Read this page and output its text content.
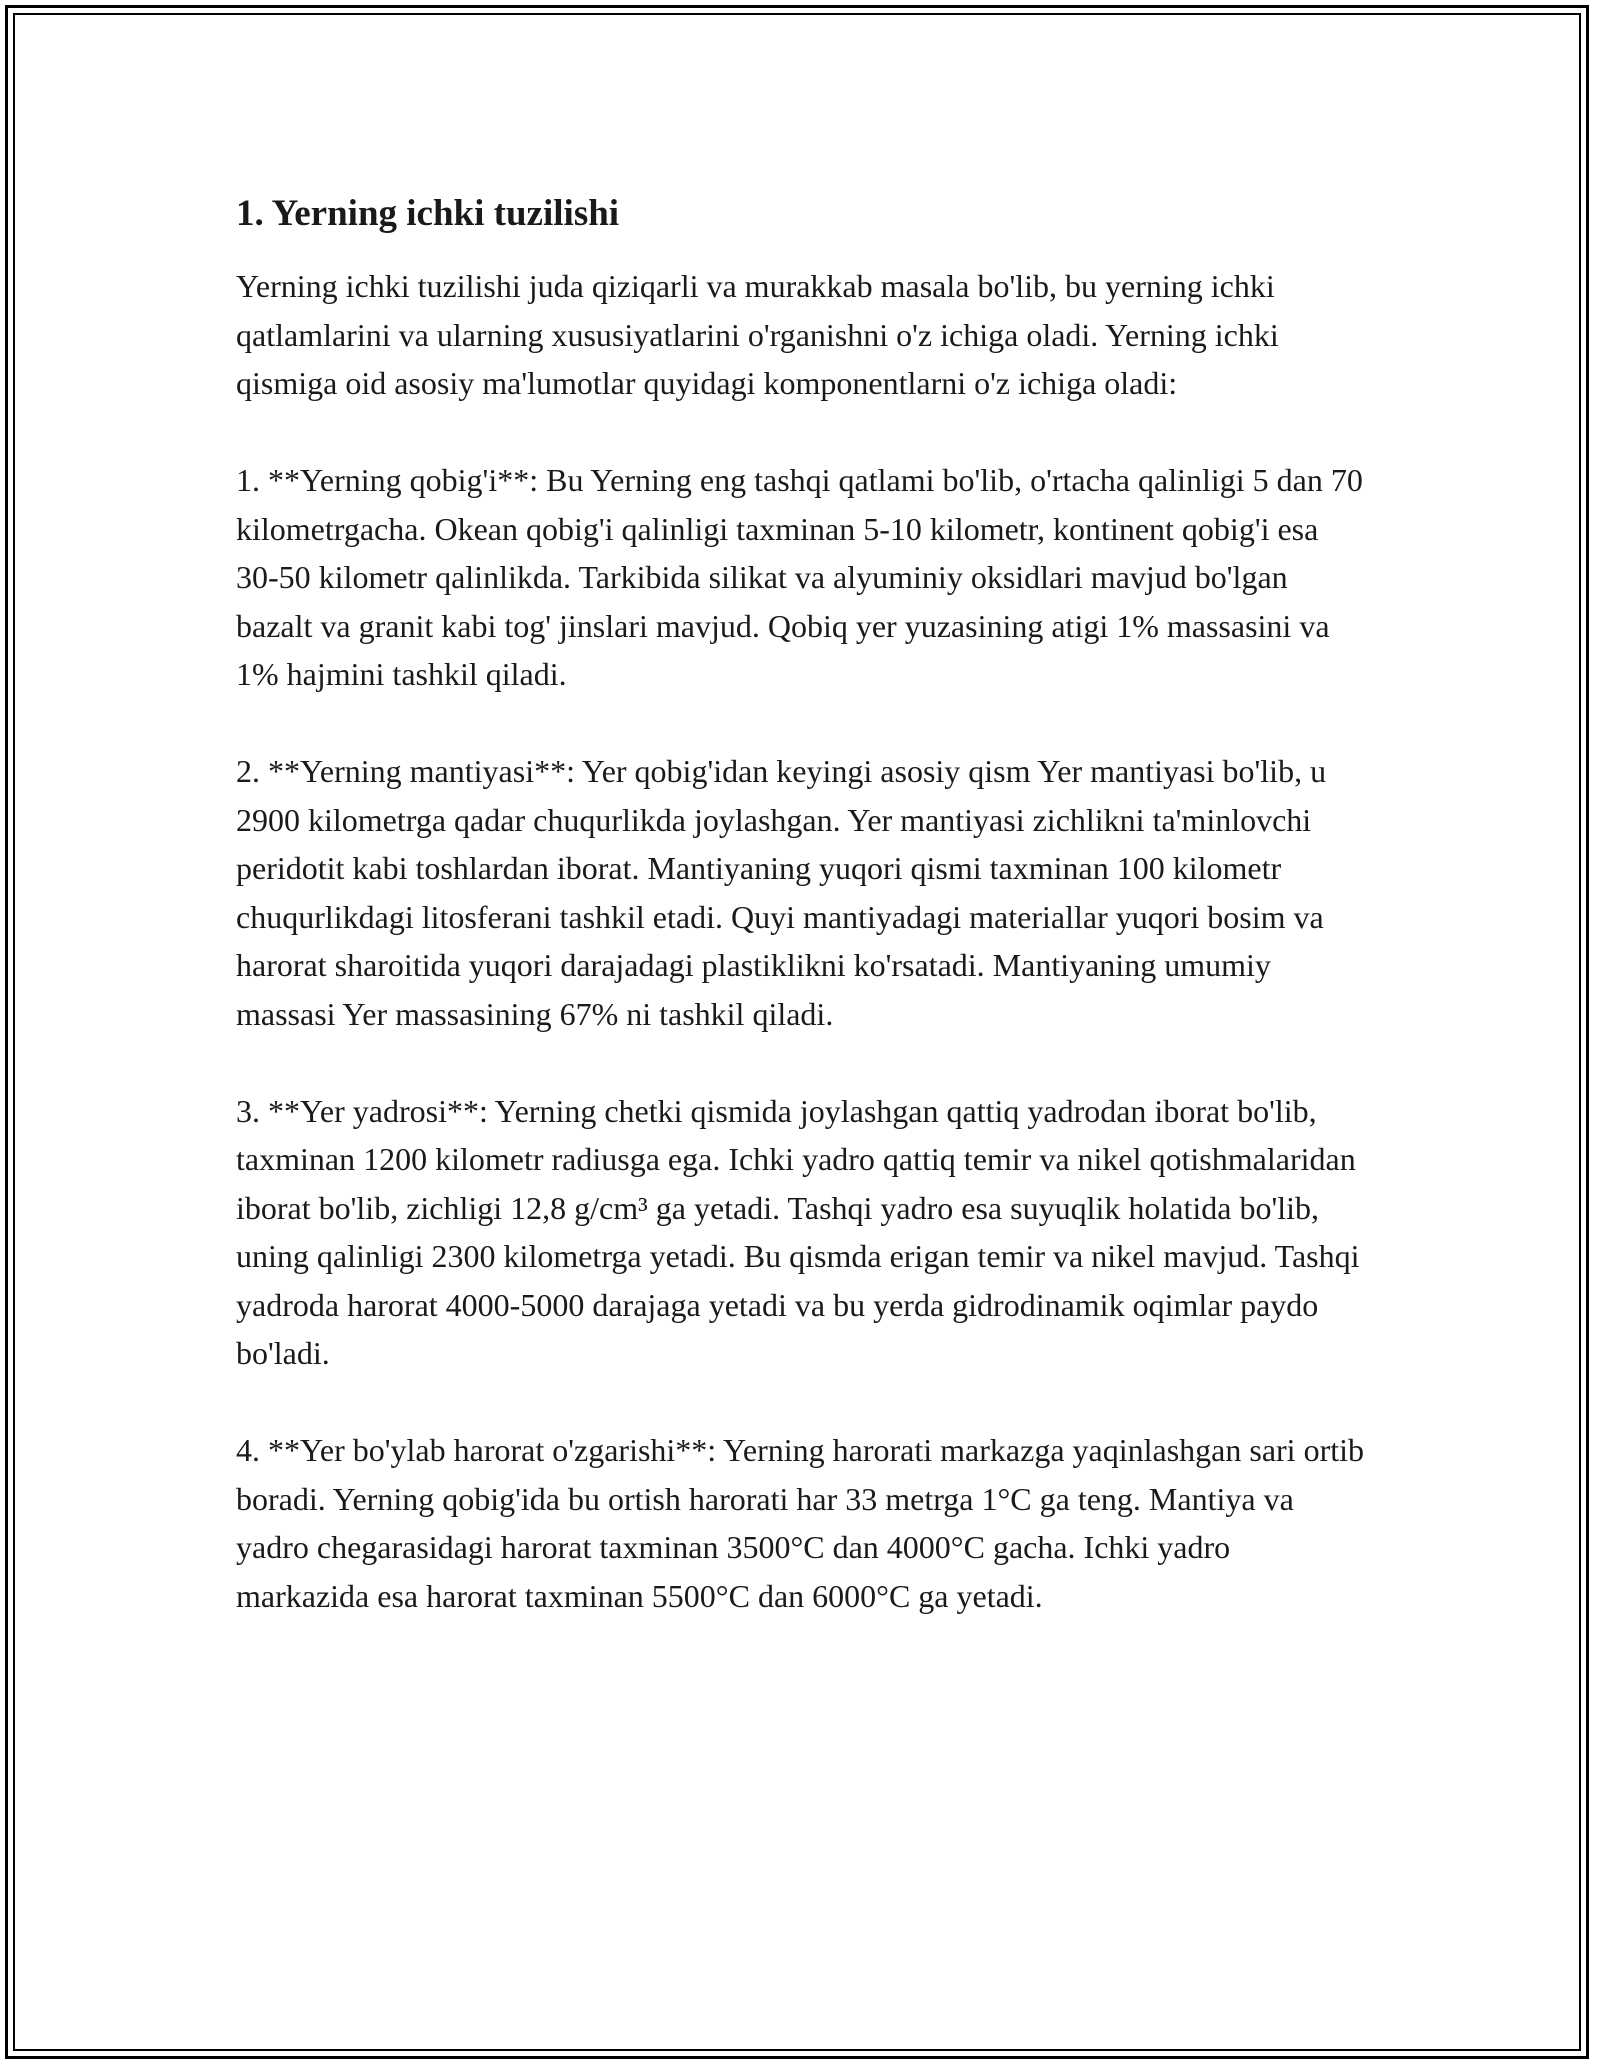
1. Yerning ichki tuzilishi

Yerning ichki tuzilishi juda qiziqarli va murakkab masala bo'lib, bu yerning ichki qatlamlarini va ularning xususiyatlarini o'rganishni o'z ichiga oladi. Yerning ichki qismiga oid asosiy ma'lumotlar quyidagi komponentlarni o'z ichiga oladi:

1. **Yerning qobig'i**: Bu Yerning eng tashqi qatlami bo'lib, o'rtacha qalinligi 5 dan 70 kilometrgacha. Okean qobig'i qalinligi taxminan 5-10 kilometr, kontinent qobig'i esa 30-50 kilometr qalinlikda. Tarkibida silikat va alyuminiy oksidlari mavjud bo'lgan bazalt va granit kabi tog' jinslari mavjud. Qobiq yer yuzasining atigi 1% massasini va 1% hajmini tashkil qiladi.

2. **Yerning mantiyasi**: Yer qobig'idan keyingi asosiy qism Yer mantiyasi bo'lib, u 2900 kilometrga qadar chuqurlikda joylashgan. Yer mantiyasi zichlikni ta'minlovchi peridotit kabi toshlardan iborat. Mantiyaning yuqori qismi taxminan 100 kilometr chuqurlikdagi litosferani tashkil etadi. Quyi mantiyadagi materiallar yuqori bosim va harorat sharoitida yuqori darajadagi plastiklikni ko'rsatadi. Mantiyaning umumiy massasi Yer massasining 67% ni tashkil qiladi.

3. **Yer yadrosi**: Yerning chetki qismida joylashgan qattiq yadrodan iborat bo'lib, taxminan 1200 kilometr radiusga ega. Ichki yadro qattiq temir va nikel qotishmalaridan iborat bo'lib, zichligi 12,8 g/cm³ ga yetadi. Tashqi yadro esa suyuqlik holatida bo'lib, uning qalinligi 2300 kilometrga yetadi. Bu qismda erigan temir va nikel mavjud. Tashqi yadroda harorat 4000-5000 darajaga yetadi va bu yerda gidrodinamik oqimlar paydo bo'ladi.

4. **Yer bo'ylab harorat o'zgarishi**: Yerning harorati markazga yaqinlashgan sari ortib boradi. Yerning qobig'ida bu ortish harorati har 33 metrga 1°C ga teng. Mantiya va yadro chegarasidagi harorat taxminan 3500°C dan 4000°C gacha. Ichki yadro markazida esa harorat taxminan 5500°C dan 6000°C ga yetadi.
